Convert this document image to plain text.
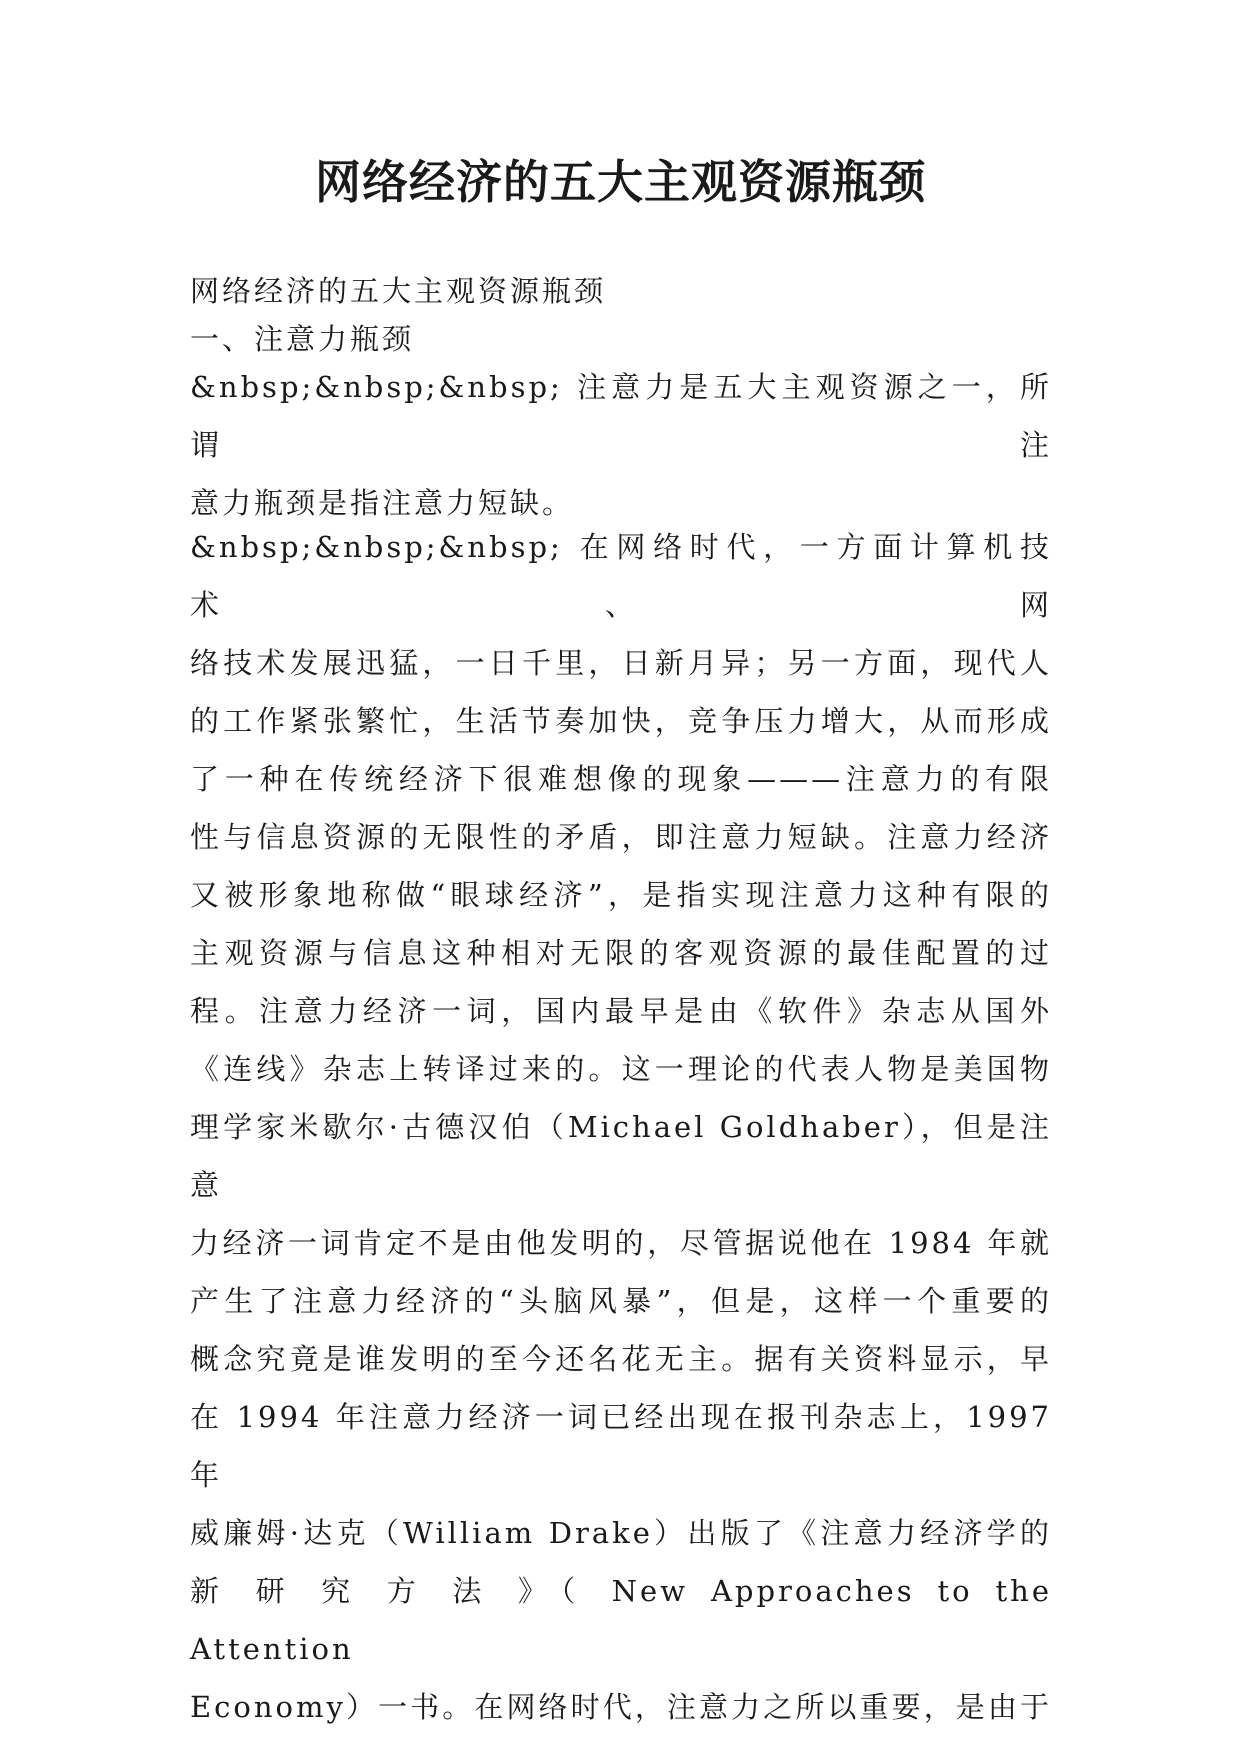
网络经济的五大主观资源瓶颈

网络经济的五大主观资源瓶颈

一、注意力瓶颈

&nbsp;&nbsp;&nbsp; 注意力是五大主观资源之一，所谓注
意力瓶颈是指注意力短缺。

&nbsp;&nbsp;&nbsp; 在网络时代，一方面计算机技术、网
络技术发展迅猛，一日千里，日新月异；另一方面，现代人
的工作紧张繁忙，生活节奏加快，竞争压力增大，从而形成
了一种在传统经济下很难想像的现象———注意力的有限
性与信息资源的无限性的矛盾，即注意力短缺。注意力经济
又被形象地称做“眼球经济”，是指实现注意力这种有限的
主观资源与信息这种相对无限的客观资源的最佳配置的过
程。注意力经济一词，国内最早是由《软件》杂志从国外
《连线》杂志上转译过来的。这一理论的代表人物是美国物
理学家米歇尔·古德汉伯（Michael Goldhaber），但是注意
力经济一词肯定不是由他发明的，尽管据说他在 1984 年就
产生了注意力经济的“头脑风暴”，但是，这样一个重要的
概念究竟是谁发明的至今还名花无主。据有关资料显示，早
在 1994 年注意力经济一词已经出现在报刊杂志上，1997 年
威廉姆·达克（William Drake）出版了《注意力经济学的
新 研 究 方 法 》（ New Approaches to the Attention
Economy）一书。在网络时代，注意力之所以重要，是由于
